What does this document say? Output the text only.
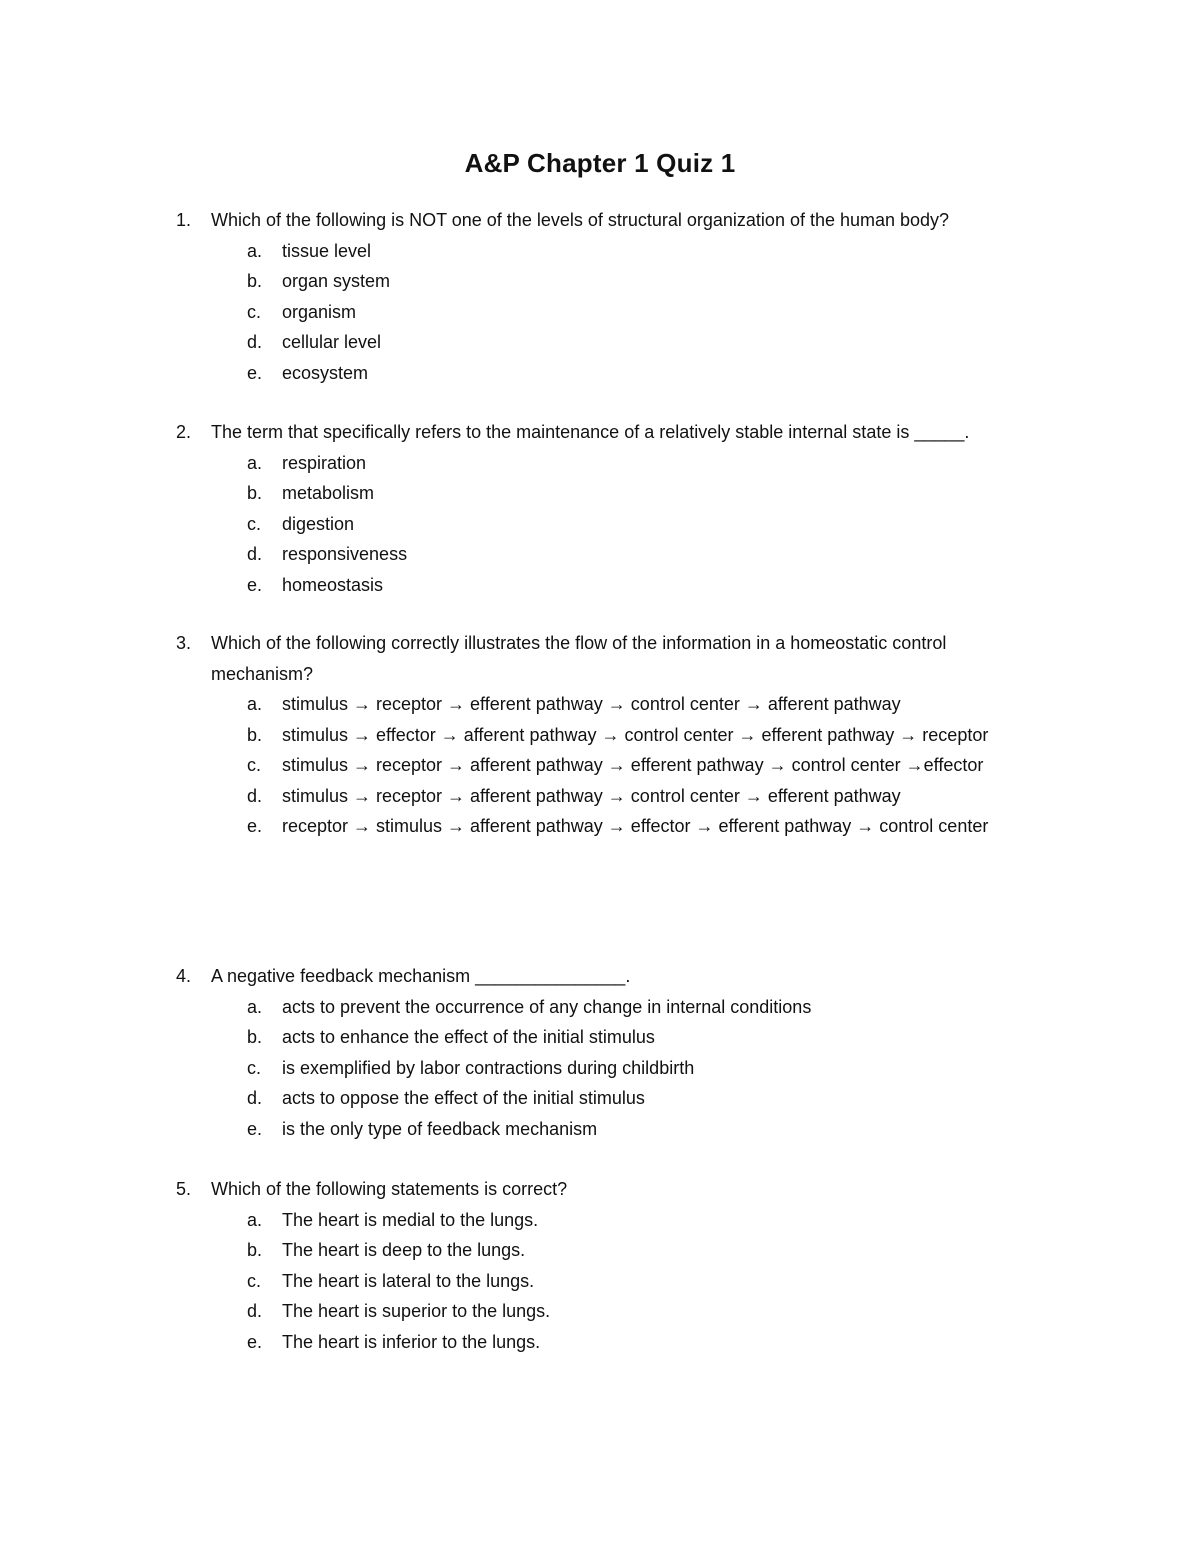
A&P Chapter 1 Quiz 1
1. Which of the following is NOT one of the levels of structural organization of the human body?
a. tissue level
b. organ system
c. organism
d. cellular level
e. ecosystem
2. The term that specifically refers to the maintenance of a relatively stable internal state is _____.
a. respiration
b. metabolism
c. digestion
d. responsiveness
e. homeostasis
3. Which of the following correctly illustrates the flow of the information in a homeostatic control mechanism?
a. stimulus → receptor → efferent pathway → control center → afferent pathway
b. stimulus → effector → afferent pathway → control center → efferent pathway → receptor
c. stimulus → receptor → afferent pathway → efferent pathway → control center →effector
d. stimulus → receptor → afferent pathway → control center → efferent pathway
e. receptor → stimulus → afferent pathway → effector → efferent pathway → control center
4. A negative feedback mechanism _______________.
a. acts to prevent the occurrence of any change in internal conditions
b. acts to enhance the effect of the initial stimulus
c. is exemplified by labor contractions during childbirth
d. acts to oppose the effect of the initial stimulus
e. is the only type of feedback mechanism
5. Which of the following statements is correct?
a. The heart is medial to the lungs.
b. The heart is deep to the lungs.
c. The heart is lateral to the lungs.
d. The heart is superior to the lungs.
e. The heart is inferior to the lungs.
